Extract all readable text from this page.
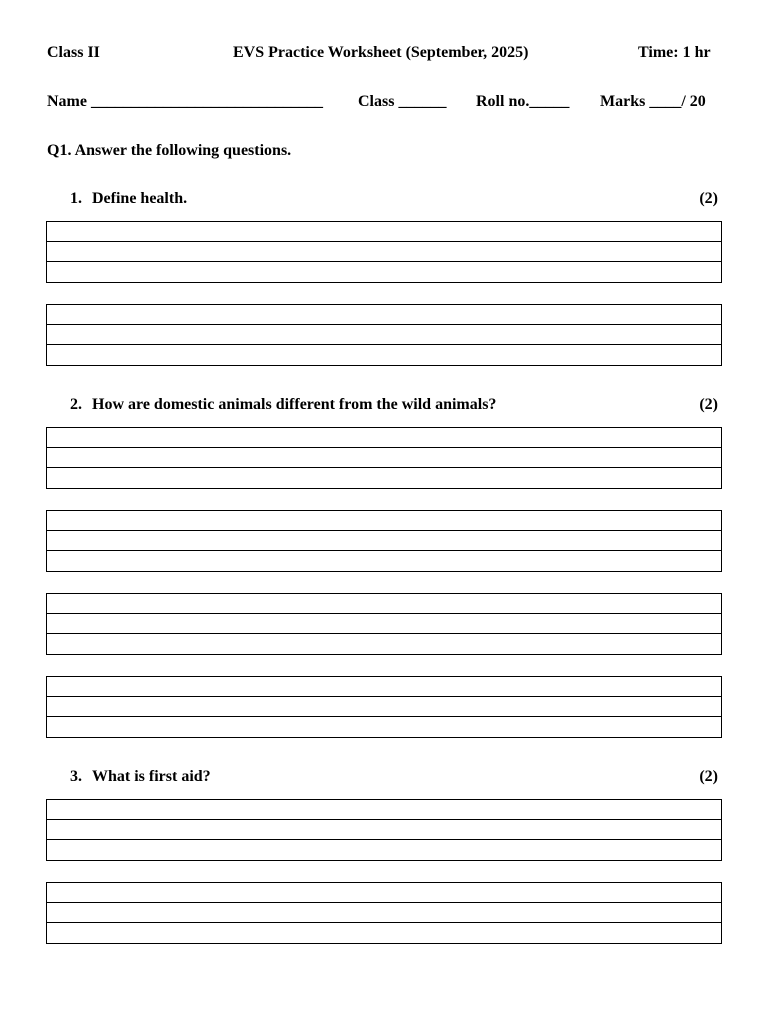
Class II	EVS Practice Worksheet (September, 2025)	Time: 1 hr
Name _____________________________ Class ______ Roll no._____ Marks ____/ 20
Q1. Answer the following questions.
1. Define health.	(2)
2. How are domestic animals different from the wild animals?	(2)
3. What is first aid?	(2)
